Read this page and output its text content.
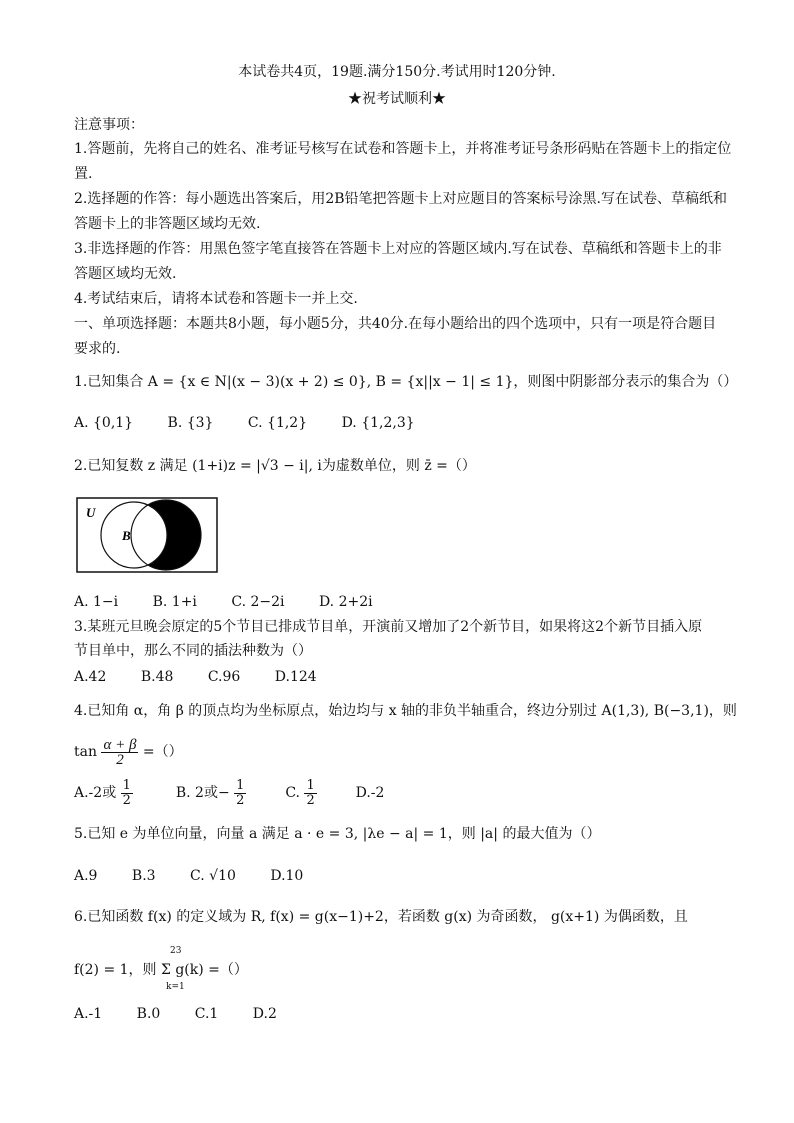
本试卷共4页，19题.满分150分.考试用时120分钟.
★祝考试顺利★
注意事项：
1.答题前，先将自己的姓名、准考证号核写在试卷和答题卡上，并将准考证号条形码贴在答题卡上的指定位
置.
2.选择题的作答：每小题选出答案后，用2B铅笔把答题卡上对应题目的答案标号涂黑.写在试卷、草稿纸和
答题卡上的非答题区域均无效.
3.非选择题的作答：用黑色签字笔直接答在答题卡上对应的答题区域内.写在试卷、草稿纸和答题卡上的非
答题区域均无效.
4.考试结束后，请将本试卷和答题卡一并上交.
一、单项选择题：本题共8小题，每小题5分，共40分.在每小题给出的四个选项中，只有一项是符合题目
要求的.
1.已知集合 A = {x ∈ N|(x − 3)(x + 2) ≤ 0}, B = {x||x − 1| ≤ 1}，则图中阴影部分表示的集合为（）
A. {0,1} B. {3} C. {1,2} D. {1,2,3}
2.已知复数 z 满足 (1+i)z = |√3 − i|, i为虚数单位，则 z̄ =（）
U
B
A. 1−i B. 1+i C. 2−2i D. 2+2i
3.某班元旦晚会原定的5个节目已排成节目单，开演前又增加了2个新节目，如果将这2个新节目插入原
节目单中，那么不同的插法种数为（）
A.42 B.48 C.96 D.124
4.已知角 α，角 β 的顶点均为坐标原点，始边均与 x 轴的非负半轴重合，终边分别过 A(1,3), B(−3,1)，则
$\tan \frac{\alpha + \beta}{2}$ =（）
A.-2或 $\frac{1}{2}$	B. 2或− $\frac{1}{2}$	C. $\frac{1}{2}$	D.-2
5.已知 e 为单位向量，向量 a 满足 a · e = 3, |λe − a| = 1，则 |a| 的最大值为（）
A.9 B.3 C. √10 D.10
6.已知函数 f(x) 的定义域为 R, f(x) = g(x−1)+2，若函数 g(x) 为奇函数， g(x+1) 为偶函数，且
f(2) = 1，则 Σ g(k) =（）
23
k=1
A.-1 B.0 C.1 D.2
